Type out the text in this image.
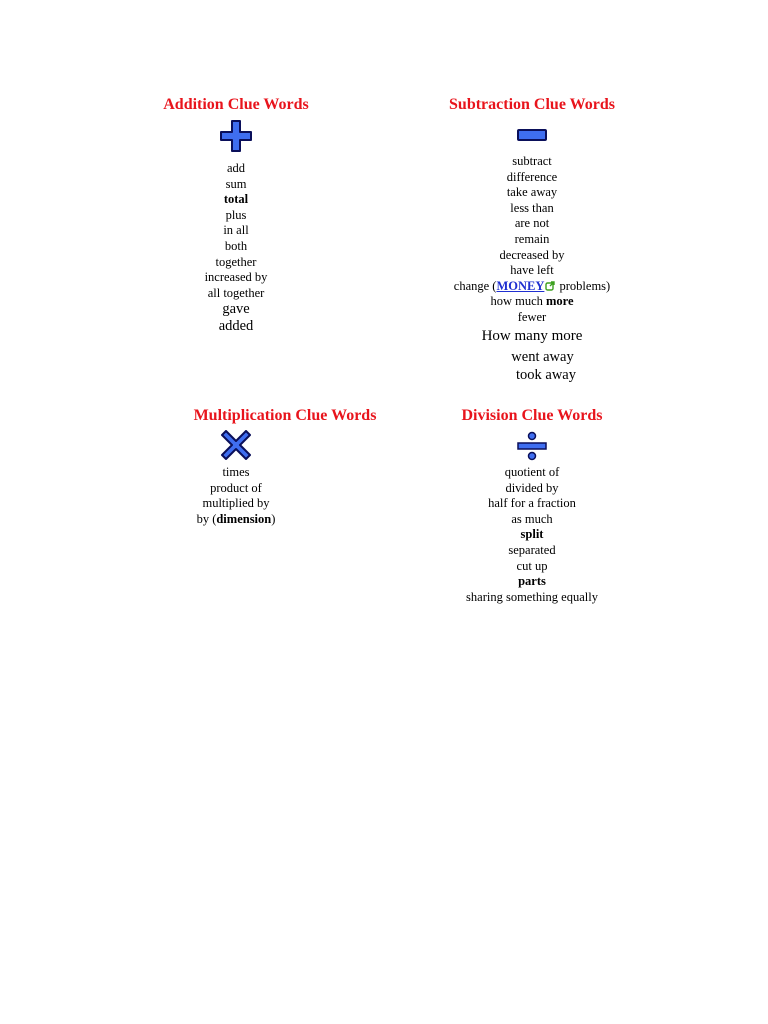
Addition Clue Words
add
sum
total
plus
in all
both
together
increased by
all together
gave
added
Subtraction Clue Words
subtract
difference
take away
less than
are not
remain
decreased by
have left
change (MONEY problems)
how much more
fewer
How many more
went away
took away
Multiplication Clue Words
times
product of
multiplied by
by (dimension)
Division Clue Words
quotient of
divided by
half for a fraction
as much
split
separated
cut up
parts
sharing something equally
